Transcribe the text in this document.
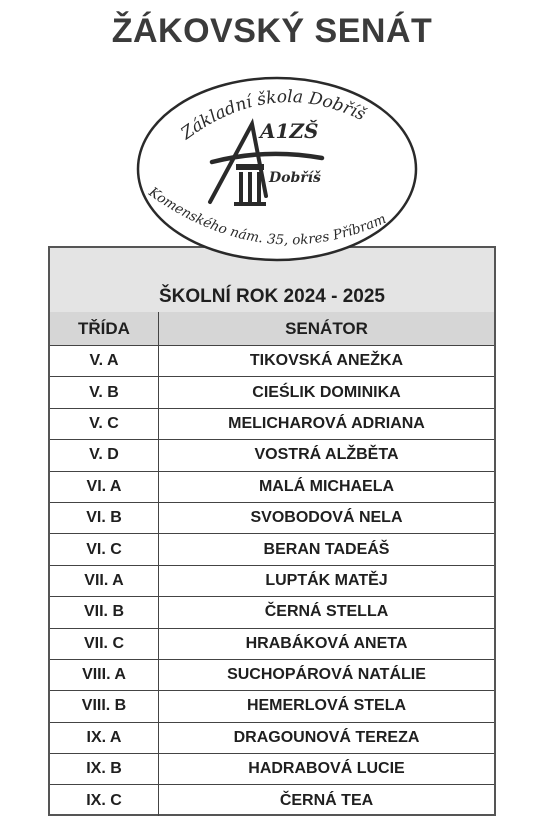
ŽÁKOVSKÝ SENÁT
ŠKOLNÍ ROK 2024 - 2025
TŘÍDA	SENÁTOR
V. A	TIKOVSKÁ ANEŽKA
V. B	CIEŚLIK DOMINIKA
V. C	MELICHAROVÁ ADRIANA
V. D	VOSTRÁ ALŽBĚTA
VI. A	MALÁ MICHAELA
VI. B	SVOBODOVÁ NELA
VI. C	BERAN TADEÁŠ
VII. A	LUPTÁK MATĚJ
VII. B	ČERNÁ STELLA
VII. C	HRABÁKOVÁ ANETA
VIII. A	SUCHOPÁROVÁ NATÁLIE
VIII. B	HEMERLOVÁ STELA
IX. A	DRAGOUNOVÁ TEREZA
IX. B	HADRABOVÁ LUCIE
IX. C	ČERNÁ TEA
Základní škola Dobříš
Komenského nám. 35, okres Příbram
A1ZŠ
Dobříš
